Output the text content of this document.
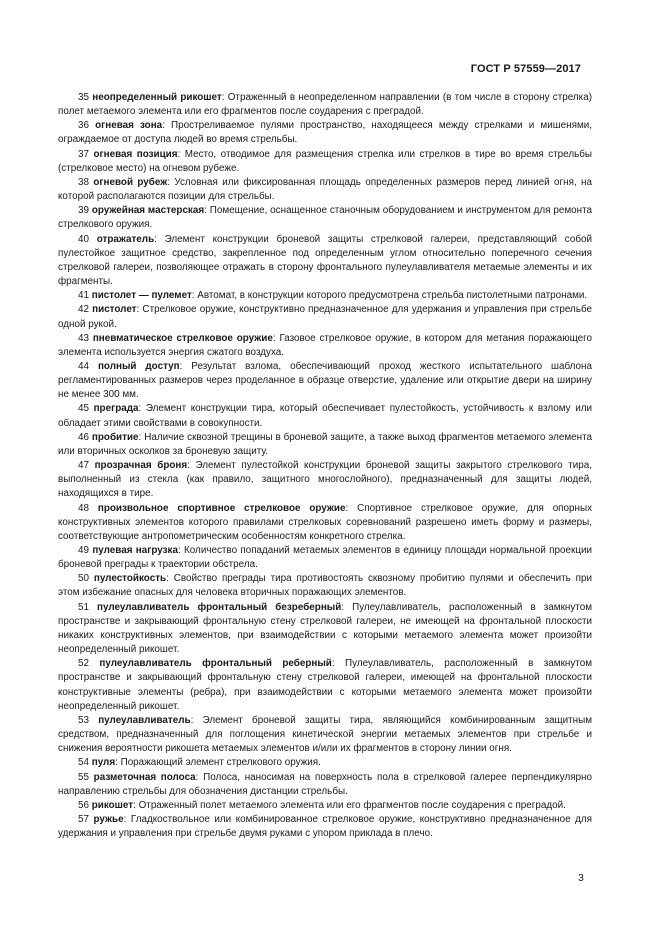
ГОСТ Р 57559—2017

35 неопределенный рикошет: Отраженный в неопределенном направлении (в том числе в сторону стрелка) полет метаемого элемента или его фрагментов после соударения с преградой.

36 огневая зона: Простреливаемое пулями пространство, находящееся между стрелками и мишенями, ограждаемое от доступа людей во время стрельбы.

37 огневая позиция: Место, отводимое для размещения стрелка или стрелков в тире во время стрельбы (стрелковое место) на огневом рубеже.

38 огневой рубеж: Условная или фиксированная площадь определенных размеров перед линией огня, на которой располагаются позиции для стрельбы.

39 оружейная мастерская: Помещение, оснащенное станочным оборудованием и инструментом для ремонта стрелкового оружия.

40 отражатель: Элемент конструкции броневой защиты стрелковой галереи, представляющий собой пулестойкое защитное средство, закрепленное под определенным углом относительно поперечного сечения стрелковой галереи, позволяющее отражать в сторону фронтального пулеулавливателя метаемые элементы и их фрагменты.

41 пистолет — пулемет: Автомат, в конструкции которого предусмотрена стрельба пистолетными патронами.

42 пистолет: Стрелковое оружие, конструктивно предназначенное для удержания и управления при стрельбе одной рукой.

43 пневматическое стрелковое оружие: Газовое стрелковое оружие, в котором для метания поражающего элемента используется энергия сжатого воздуха.

44 полный доступ: Результат взлома, обеспечивающий проход жесткого испытательного шаблона регламентированных размеров через проделанное в образце отверстие, удаление или открытие двери на ширину не менее 300 мм.

45 преграда: Элемент конструкции тира, который обеспечивает пулестойкость, устойчивость к взлому или обладает этими свойствами в совокупности.

46 пробитие: Наличие сквозной трещины в броневой защите, а также выход фрагментов метаемого элемента или вторичных осколков за броневую защиту.

47 прозрачная броня: Элемент пулестойкой конструкции броневой защиты закрытого стрелкового тира, выполненный из стекла (как правило, защитного многослойного), предназначенный для защиты людей, находящихся в тире.

48 произвольное спортивное стрелковое оружие: Спортивное стрелковое оружие, для опорных конструктивных элементов которого правилами стрелковых соревнований разрешено иметь форму и размеры, соответствующие антропометрическим особенностям конкретного стрелка.

49 пулевая нагрузка: Количество попаданий метаемых элементов в единицу площади нормальной проекции броневой преграды к траектории обстрела.

50 пулестойкость: Свойство преграды тира противостоять сквозному пробитию пулями и обеспечить при этом избежание опасных для человека вторичных поражающих элементов.

51 пулеулавливатель фронтальный безреберный: Пулеулавливатель, расположенный в замкнутом пространстве и закрывающий фронтальную стену стрелковой галереи, не имеющей на фронтальной плоскости никаких конструктивных элементов, при взаимодействии с которыми метаемого элемента может произойти неопределенный рикошет.

52 пулеулавливатель фронтальный реберный: Пулеулавливатель, расположенный в замкнутом пространстве и закрывающий фронтальную стену стрелковой галереи, имеющей на фронтальной плоскости конструктивные элементы (ребра), при взаимодействии с которыми метаемого элемента может произойти неопределенный рикошет.

53 пулеулавливатель: Элемент броневой защиты тира, являющийся комбинированным защитным средством, предназначенный для поглощения кинетической энергии метаемых элементов при стрельбе и снижения вероятности рикошета метаемых элементов и/или их фрагментов в сторону линии огня.

54 пуля: Поражающий элемент стрелкового оружия.

55 разметочная полоса: Полоса, наносимая на поверхность пола в стрелковой галерее перпендикулярно направлению стрельбы для обозначения дистанции стрельбы.

56 рикошет: Отраженный полет метаемого элемента или его фрагментов после соударения с преградой.

57 ружье: Гладкоствольное или комбинированное стрелковое оружие, конструктивно предназначенное для удержания и управления при стрельбе двумя руками с упором приклада в плечо.

3
